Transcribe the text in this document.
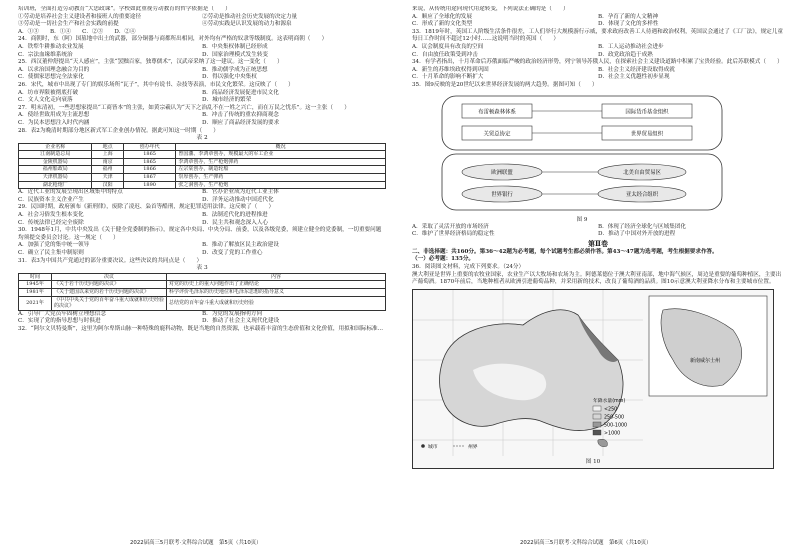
培训班，全面打造劳动教育“大思政课”。学校如此重视劳动教育的哲学依据是（　　）

①劳动是培养社会主义建设者和接班人的重要途径	②劳动是推动社会历史发展的决定力量
③劳动是一切社会生产和社会实践的前提	④劳动实践是认识发展的动力和源泉

A．①③　　B．①④　　C．②③　　D．②④

24．商朝时，东（阿）国墓地中出土的武器，部分铜器与商都所出相同，对外均有严格的奴隶等级制度。这表明商朝（　　）

A．铁犁牛耕推动农业发展	B．中央集权体制已经形成
C．宗法血缘维系统治	D．国家治理模式发生转变

25．西汉董仲舒提出“天人感应”，主张“罢黜百家，独尊儒术”，汉武帝采纳了这一建议。这一变化（　　）

A．以求治国理念融合为目的	B．推动儒学成为正统思想
C．使儒家思想完全法家化	D．得以强化中央集权

26．宋代，城市中出现了专门的娱乐场所“瓦子”，其中有说书、杂技等表演，市民文化繁荣。这反映了（　　）

A．坊市界限被彻底打破	B．商品经济发展促进市民文化
C．文人文化走向衰落	D．城市经济的繁荣

27．明末清初，一些思想家提出“工商皆本”的主张，如黄宗羲认为“天下之治乱不在一姓之兴亡，而在万民之忧乐”。这一主张（　　）

A．使经世致用成为主流思想	B．冲击了传统的重农抑商观念
C．为民本思想注入时代内涵	D．顺应了商品经济发展的要求

28．表2为晚清时期部分地区新式军工企业创办情况。据此可知这一时期（　　）

表 2
企业名称	地点	创办年代	概况
江南制造总局	上海	1865	曾国藩、李鸿章创办，规模最大的军工企业
金陵机器局	南京	1865	李鸿章创办，生产枪炮弹药
福州船政局	福州	1866	左宗棠创办，制造轮船
天津机器局	天津	1867	崇厚创办，生产弹药
湖北枪炮厂	汉阳	1890	张之洞创办，生产枪炮
A．近代工业的发展呈现出区域集中的特点	B．官办企业成为近代工业主体
C．民族资本主义企业产生	D．洋务运动推动中国近代化

29．民国时期，政府颁布《新刑律》，废除了凌迟、枭首等酷刑，规定犯罪适用法律。这反映了（　　）

A．社会习俗发生根本变化	B．法制近代化的进程推进
C．传统法律已经完全废除	D．民主共和观念深入人心

30．1948年1月，中共中央发出《关于健全党委制的指示》，规定各中央局、中央分局、前委，以及各级党委，须建立健全的党委制，一切重要问题均须提交委员会讨论。这一规定（　　）

A．加强了党的集中统一领导	B．推动了解放区民主政治建设
C．确立了民主集中制原则	D．改变了党的工作重心

31．表3为中国共产党通过的部分重要决议。这些决议的共同点是（　　）

表 3
时间	决议	内容
1945年	《关于若干历史问题的决议》	对党的历史上的重大问题作出了正确结论
1981年	《关于建国以来党的若干历史问题的决议》	科学评价毛泽东的历史地位和毛泽东思想的指导意义
2021年	《中共中央关于党的百年奋斗重大成就和历史经验的决议》	总结党的百年奋斗重大成就和历史经验
A．引导广大党员牢固树立理想信念	B．为党的发展指明方向
C．实现了党的指导思想与时俱进	D．推动了社会主义现代化建设

32．“阿尔文贝特曼斯”，这里为阿尔卑斯山脉一种特殊的鹿科动物，既是当地的自然资源，也承载着丰富的生态价值和文化价值，用拟和国际标准...

来说，从传统用途向现代用途转变，下列说法正确的是（　　）

A．顺应了全球化的发展	B．孕育了新的人文精神
C．形成了新的文化类型	D．体现了文化的多样性

33．1819年时，英国工人阶级生活条件很差，工人们举行大规模游行示威，要求政府改善工人待遇和政治权利，英国议会通过了《工厂法》，规定儿童每日工作时间不超过12小时……这说明当时的英国（　　）

A．议会制度具有改良的空间	B．工人运动推动社会进步
C．自由放任政策受到冲击	D．政党政治趋于成熟

34．有学者指出，十月革命后苏俄面临严峻的政治经济形势，列宁领导苏俄人民，在探索社会主义建设道路中积累了宝贵经验。此后苏联模式（　　）

A．新生的苏维埃政权得到巩固	B．社会主义经济建设取得成就
C．十月革命的影响不断扩大	D．社会主义优越性初步显现

35．图9反映的是20世纪以来世界经济发展的两大趋势。据图可知（　　）

布雷顿森林体系
关贸总协定
国际货币基金组织
世界贸易组织
欧洲联盟	北美自由贸易区
世界银行	亚太经合组织
图 9
A．采取了灵活开放的市场经济	B．体现了经济全球化与区域集团化
C．维护了世界经济格局的稳定性	D．推动了中国对外开放的进程
第Ⅱ卷

二、非选择题：共160分。第36～42题为必考题，每个试题考生都必须作答。第43～47题为选考题，考生根据要求作答。

（一）必考题：135分。

36．阅读图文材料，完成下列要求。（24分）

澳大利亚是世界上重要的农牧业国家，农业生产以大牧场和农场为主。阿德莱德位于澳大利亚南部，地中海气候区，周边是重要的葡萄种植区，主要出产葡萄酒。1870年前后，当地种植者从欧洲引进葡萄品种，并采用新的技术，改良了葡萄酒的品质。图10示意澳大利亚降水分布和主要城市位置。

新南威尔士州
年降水量(mm)
<250
250-500
500-1000
>1000
城市	州界
图 10
2022届高三5月联考·文科综合试题　第5页（共10页）	2022届高三5月联考·文科综合试题　第6页（共10页）
